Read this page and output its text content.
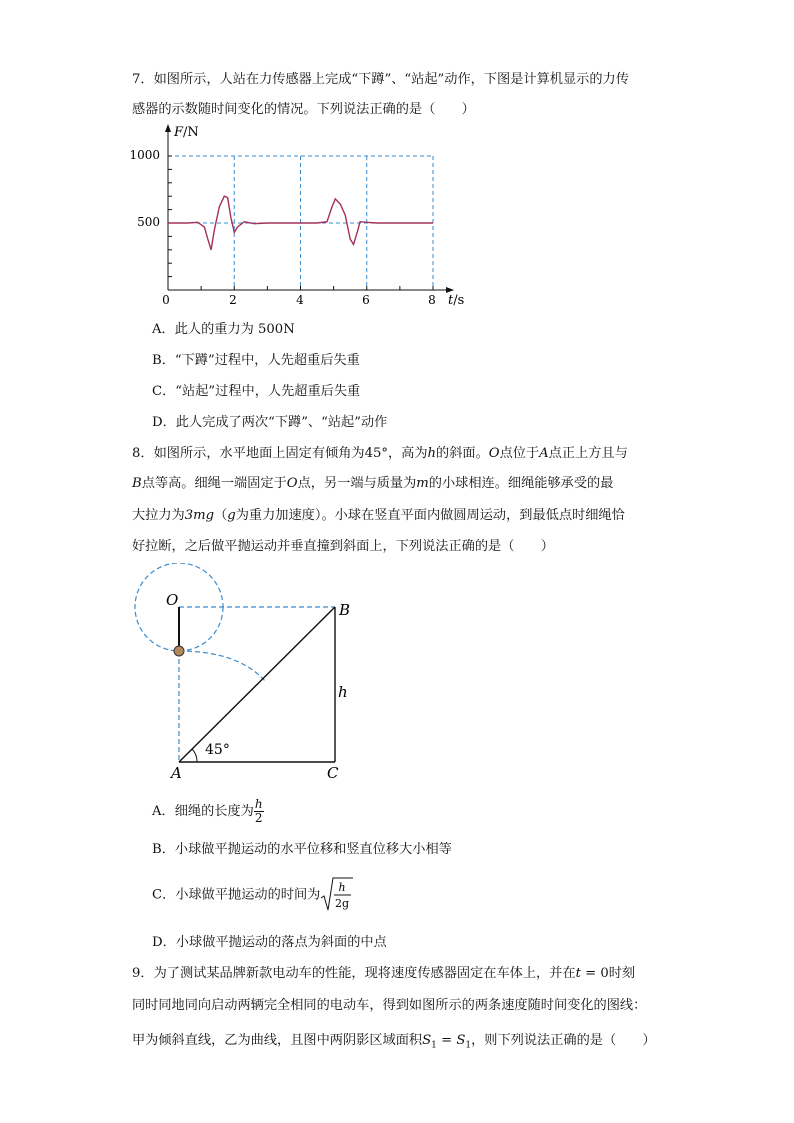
7．如图所示，人站在力传感器上完成“下蹲”、“站起”动作，下图是计算机显示的力传
感器的示数随时间变化的情况。下列说法正确的是（　　）
F/N
t/s
1000
500
0	2	4	6	8
A．此人的重力为 500N
B．“下蹲”过程中，人先超重后失重
C．“站起”过程中，人先超重后失重
D．此人完成了两次“下蹲”、“站起”动作
8．如图所示，水平地面上固定有倾角为45°，高为h的斜面。O点位于A点正上方且与
B点等高。细绳一端固定于O点，另一端与质量为m的小球相连。细绳能够承受的最
大拉力为3mg（g为重力加速度）。小球在竖直平面内做圆周运动，到最低点时细绳恰
好拉断，之后做平抛运动并垂直撞到斜面上，下列说法正确的是（　　）
O
B
h
45°
A	C
A．细绳的长度为 $\frac{h}{2}$
B．小球做平抛运动的水平位移和竖直位移大小相等
C．小球做平抛运动的时间为 h
2g
D．小球做平抛运动的落点为斜面的中点
9．为了测试某品牌新款电动车的性能，现将速度传感器固定在车体上，并在t = 0时刻
同时同地同向启动两辆完全相同的电动车，得到如图所示的两条速度随时间变化的图线：
甲为倾斜直线，乙为曲线，且图中两阴影区域面积$S_1 = S_1$，则下列说法正确的是（　　）
